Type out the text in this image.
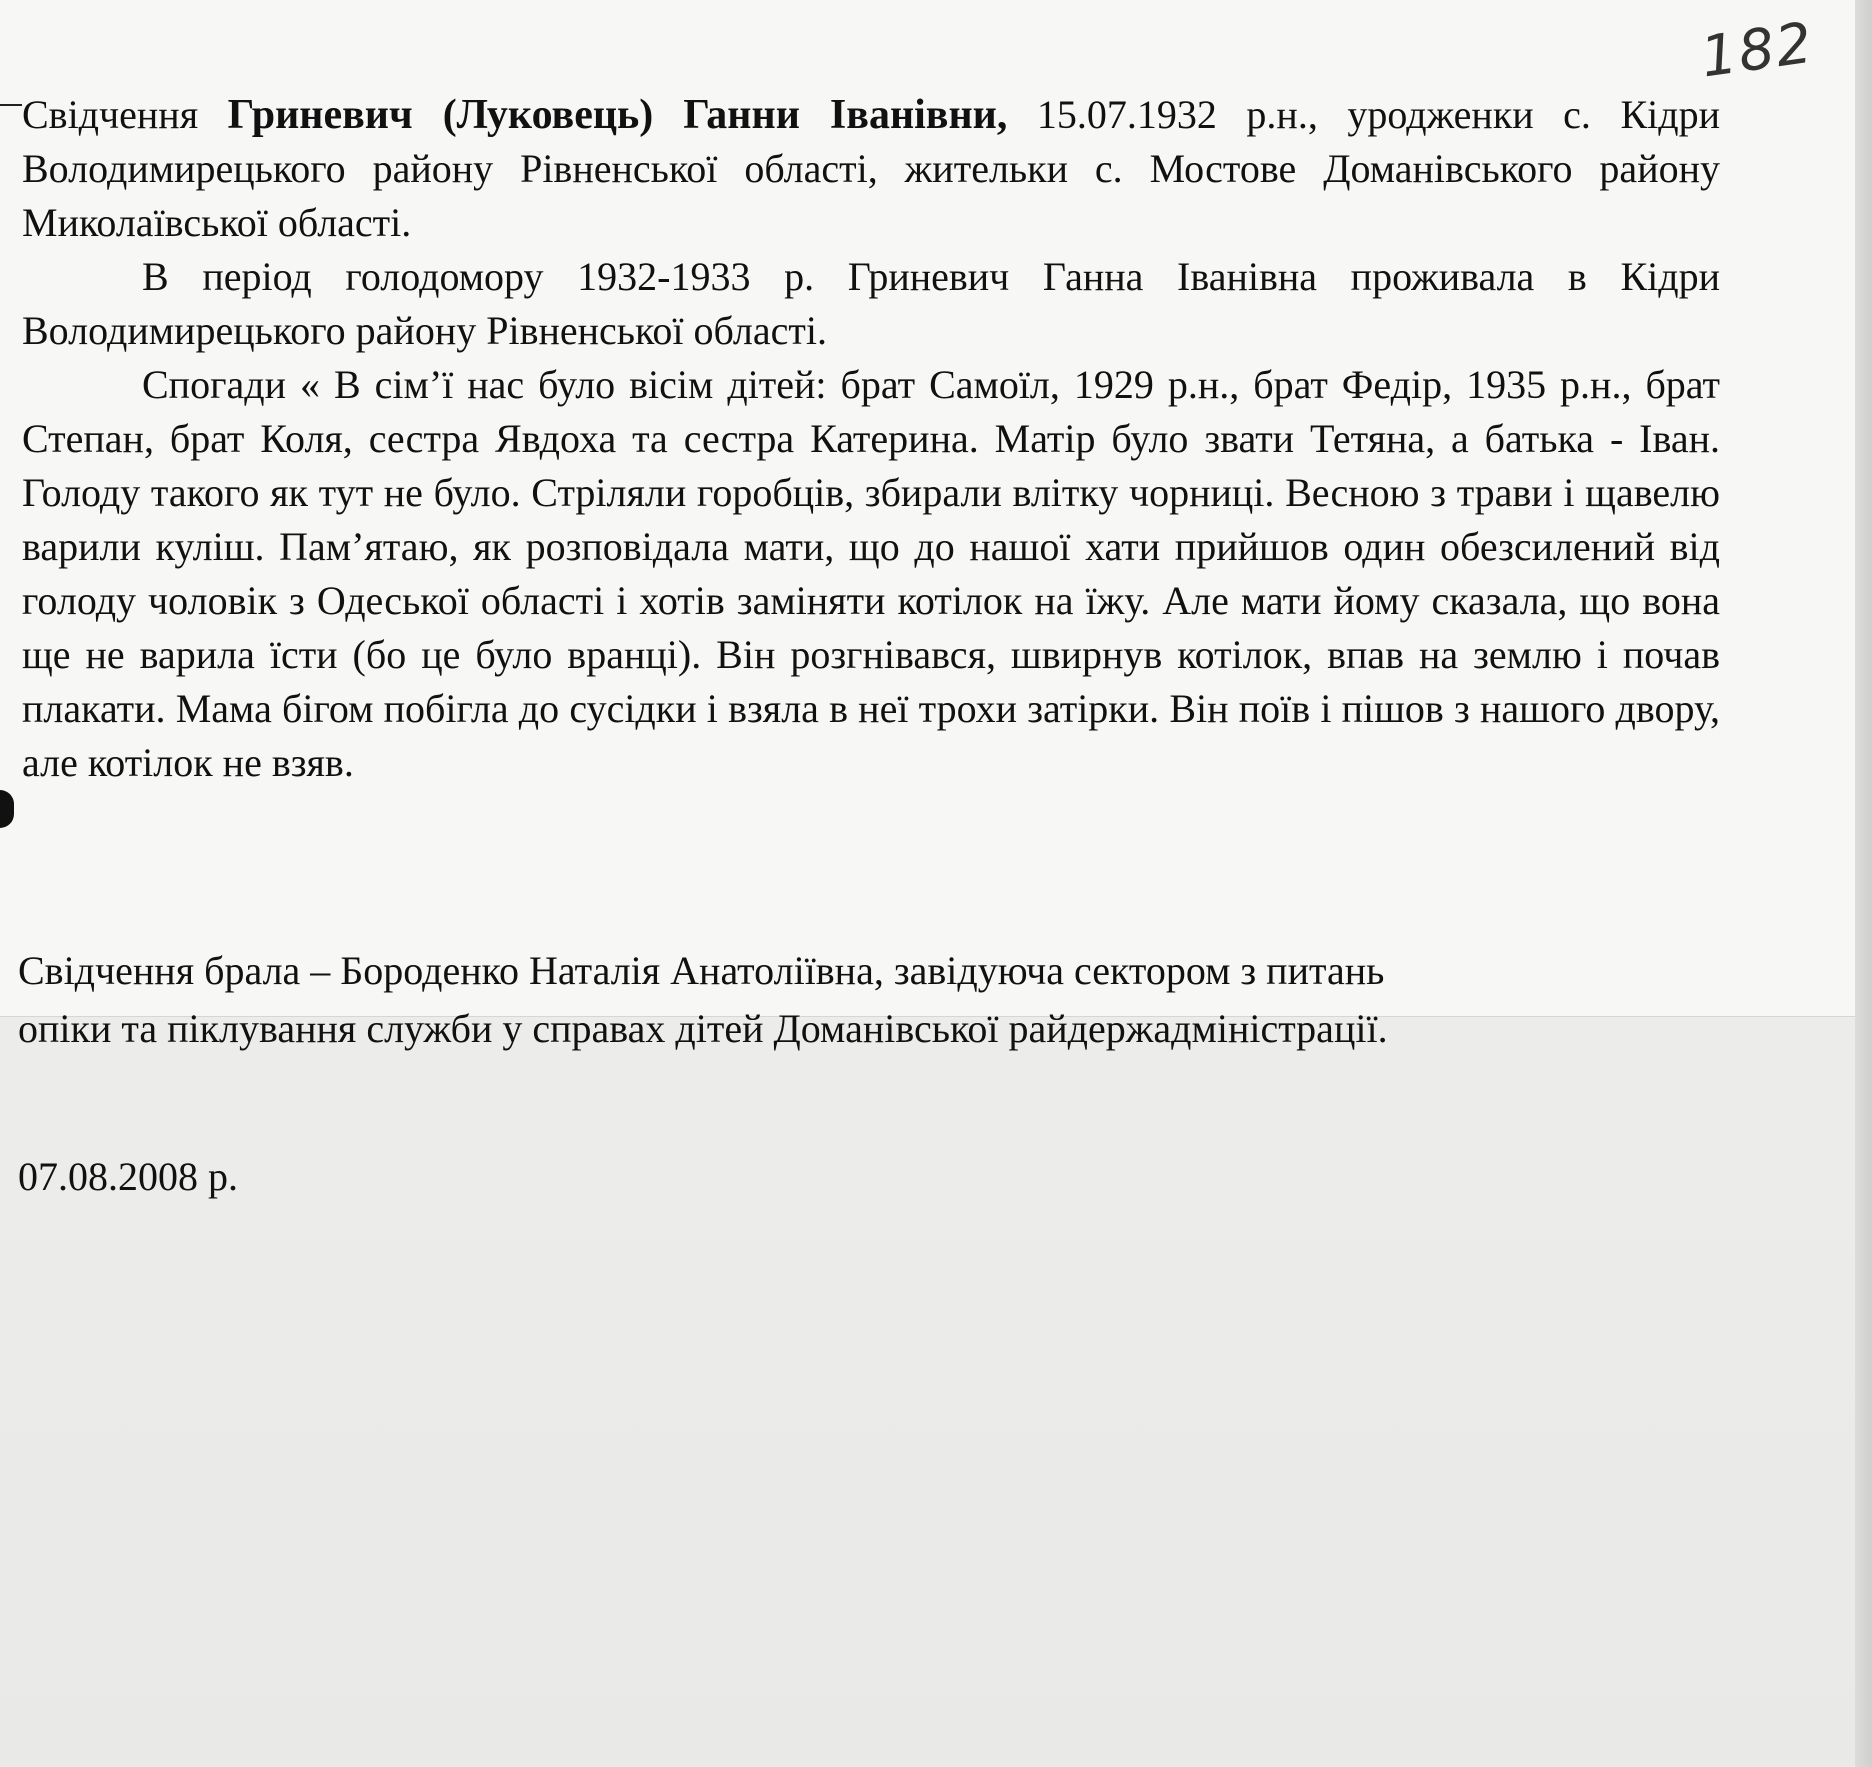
182

Свідчення Гриневич (Луковець) Ганни Іванівни, 15.07.1932 р.н., уродженки с. Кідри Володимирецького району Рівненської області, жительки с. Мостове Доманівського району Миколаївської області.

В період голодомору 1932-1933 р. Гриневич Ганна Іванівна проживала в Кідри Володимирецького району Рівненської області.

Спогади « В сім’ї нас було вісім дітей: брат Самоїл, 1929 р.н., брат Федір, 1935 р.н., брат Степан, брат Коля, сестра Явдоха та сестра Катерина. Матір було звати Тетяна, а батька - Іван. Голоду такого як тут не було. Стріляли горобців, збирали влітку чорниці. Весною з трави і щавелю варили куліш. Пам’ятаю, як розповідала мати, що до нашої хати прийшов один обезсилений від голоду чоловік з Одеської області і хотів заміняти котілок на їжу. Але мати йому сказала, що вона ще не варила їсти (бо це було вранці). Він розгнівався, швирнув котілок, впав на землю і почав плакати. Мама бігом побігла до сусідки і взяла в неї трохи затірки. Він поїв і пішов з нашого двору, але котілок не взяв.

Свідчення брала – Бороденко Наталія Анатоліївна, завідуюча сектором з питань

опіки та піклування служби у справах дітей Доманівської райдержадміністрації.

07.08.2008 р.
